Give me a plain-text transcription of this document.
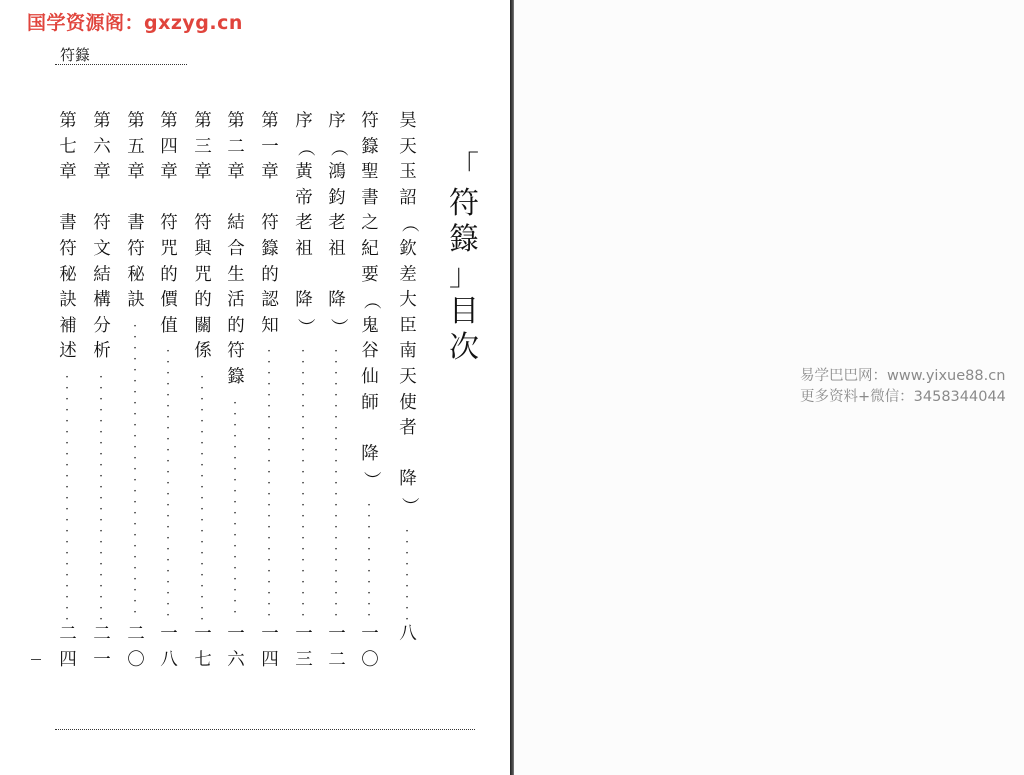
国学资源阁：gxzyg.cn
符籙
「
符
籙
」
目
次
昊
天
玉
詔
（
欽
差
大
臣
南
天
使
者

降
）
八
·
·
·
·
·
·
·
·
·
符
籙
聖
書
之
紀
要
（
鬼
谷
仙
師

降
）
一
〇
·
·
·
·
·
·
·
·
·
·
·
序
（
鴻
鈞
老
祖

降
）
一
二
·
·
·
·
·
·
·
·
·
·
·
·
·
·
·
·
·
·
·
·
·
·
·
·
·
序
（
黃
帝
老
祖

降
）
一
三
·
·
·
·
·
·
·
·
·
·
·
·
·
·
·
·
·
·
·
·
·
·
·
·
·
第
一
章

符
籙
的
認
知
一
四
·
·
·
·
·
·
·
·
·
·
·
·
·
·
·
·
·
·
·
·
·
·
·
·
·
第
二
章

結
合
生
活
的
符
籙
一
六
·
·
·
·
·
·
·
·
·
·
·
·
·
·
·
·
·
·
·
·
第
三
章

符
與
咒
的
關
係
一
七
·
·
·
·
·
·
·
·
·
·
·
·
·
·
·
·
·
·
·
·
·
·
·
第
四
章

符
咒
的
價
值
一
八
·
·
·
·
·
·
·
·
·
·
·
·
·
·
·
·
·
·
·
·
·
·
·
·
·
第
五
章

書
符
秘
訣
二
〇
·
·
·
·
·
·
·
·
·
·
·
·
·
·
·
·
·
·
·
·
·
·
·
·
·
·
·
第
六
章

符
文
結
構
分
析
二
一
·
·
·
·
·
·
·
·
·
·
·
·
·
·
·
·
·
·
·
·
·
·
·
第
七
章

書
符
秘
訣
補
述
二
四
·
·
·
·
·
·
·
·
·
·
·
·
·
·
·
·
·
·
·
·
·
·
·
易学巴巴网：www.yixue88.cn
更多资料+微信：3458344044
